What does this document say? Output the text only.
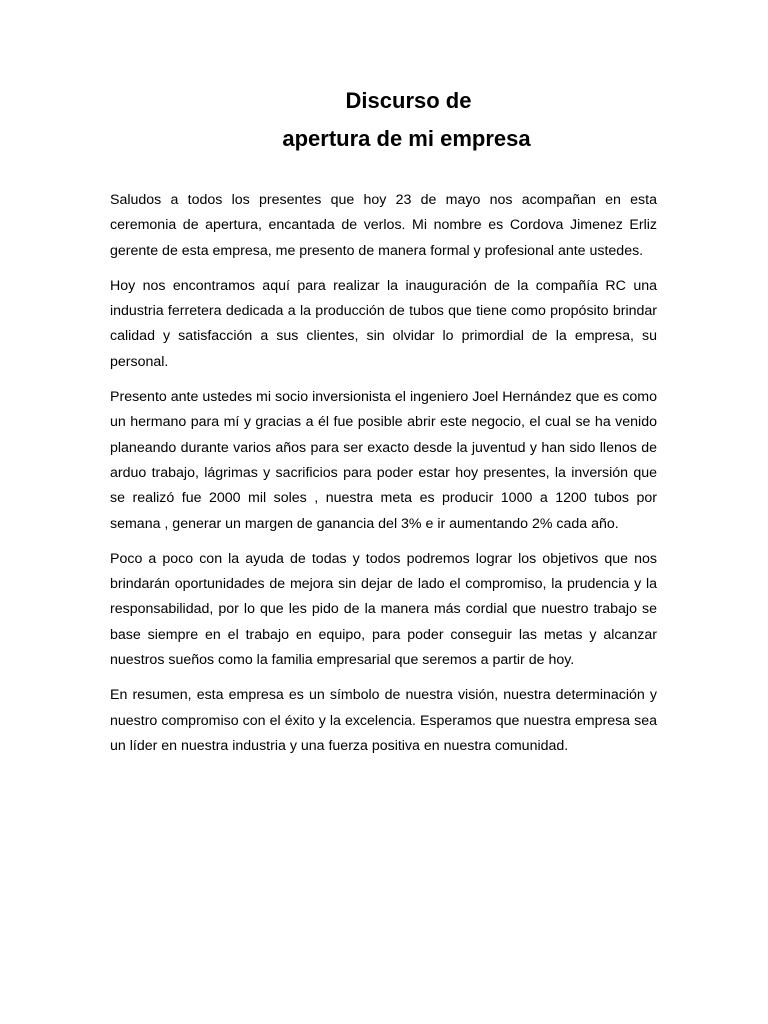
Discurso de
apertura de mi empresa

Saludos a todos los presentes que hoy 23 de mayo nos acompañan en esta ceremonia de apertura, encantada de verlos. Mi nombre es Cordova Jimenez Erliz gerente de esta empresa, me presento de manera formal y profesional ante ustedes.

Hoy nos encontramos aquí para realizar la inauguración de la compañía RC una industria ferretera dedicada a la producción de tubos que tiene como propósito brindar calidad y satisfacción a sus clientes, sin olvidar lo primordial de la empresa, su personal.

Presento ante ustedes mi socio inversionista el ingeniero Joel Hernández que es como un hermano para mí y gracias a él fue posible abrir este negocio, el cual se ha venido planeando durante varios años para ser exacto desde la juventud y han sido llenos de arduo trabajo, lágrimas y sacrificios para poder estar hoy presentes, la inversión que se realizó fue 2000 mil soles , nuestra meta es producir 1000 a 1200 tubos por semana , generar un margen de ganancia del 3% e ir aumentando 2% cada año.

Poco a poco con la ayuda de todas y todos podremos lograr los objetivos que nos brindarán oportunidades de mejora sin dejar de lado el compromiso, la prudencia y la responsabilidad, por lo que les pido de la manera más cordial que nuestro trabajo se base siempre en el trabajo en equipo, para poder conseguir las metas y alcanzar nuestros sueños como la familia empresarial que seremos a partir de hoy.

En resumen, esta empresa es un símbolo de nuestra visión, nuestra determinación y nuestro compromiso con el éxito y la excelencia. Esperamos que nuestra empresa sea un líder en nuestra industria y una fuerza positiva en nuestra comunidad.
